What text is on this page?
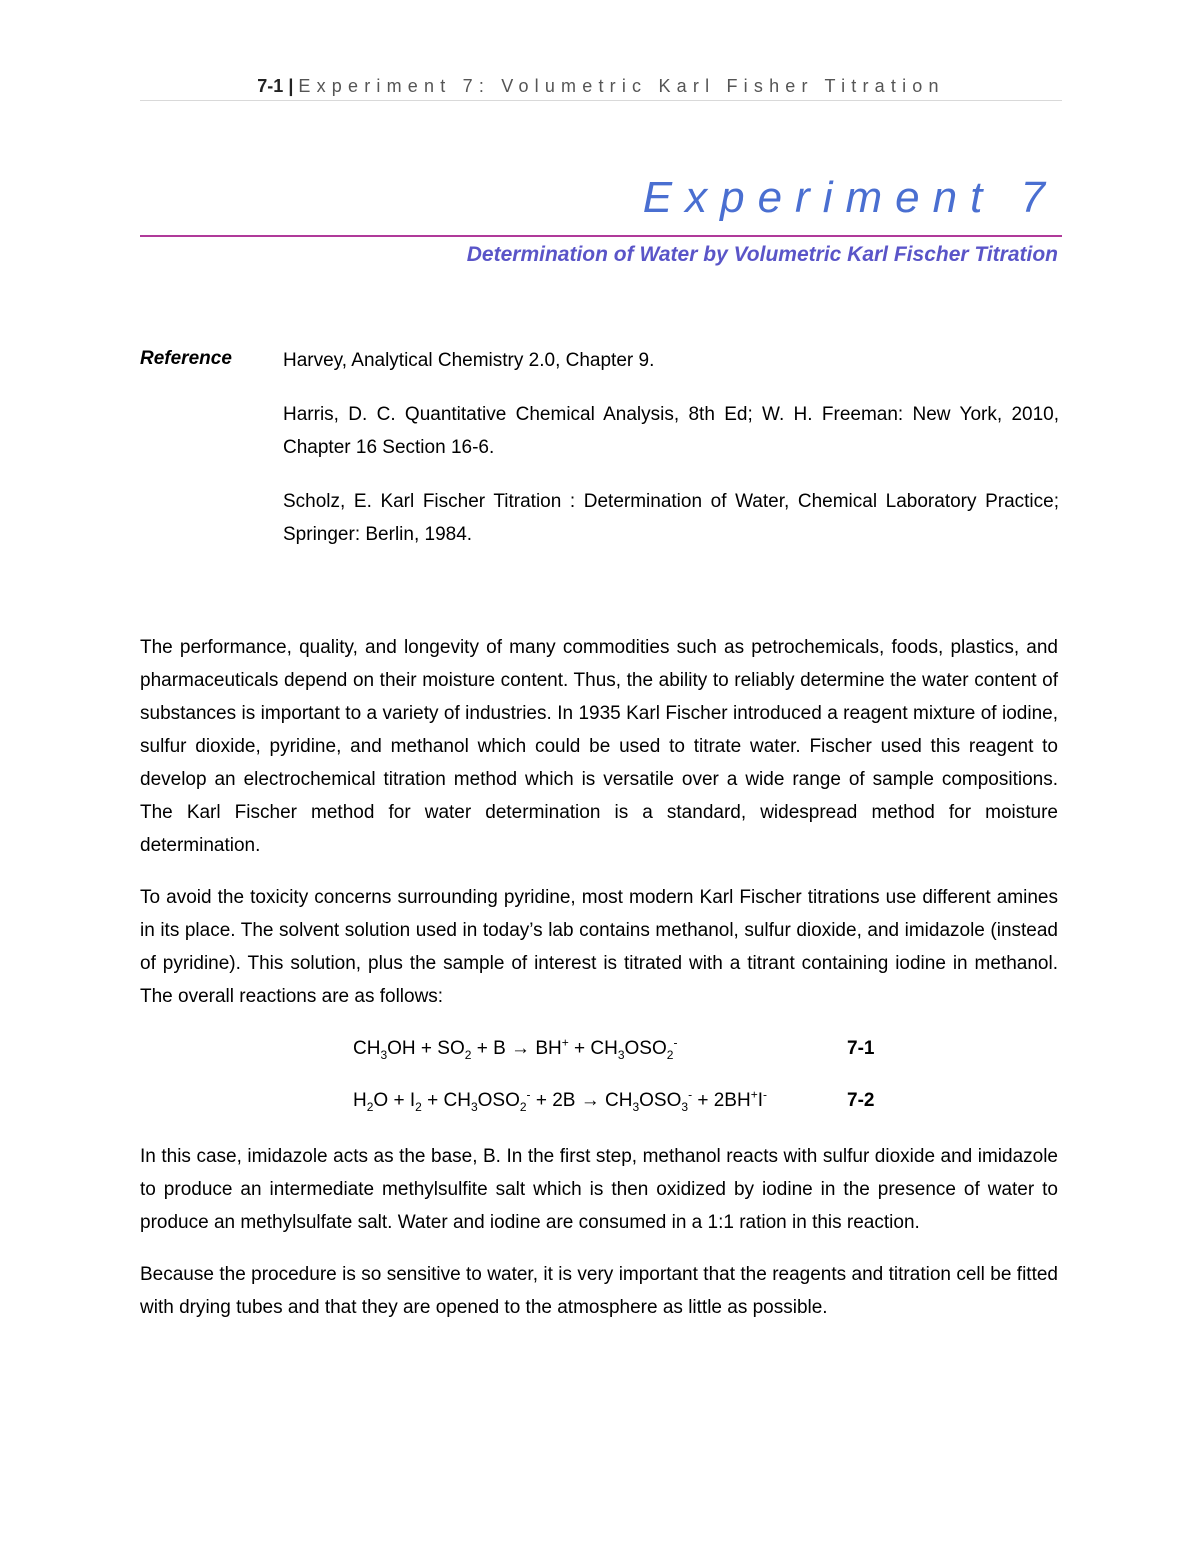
7-1 | Experiment 7: Volumetric Karl Fisher Titration
Experiment 7
Determination of Water by Volumetric Karl Fischer Titration
Reference	Harvey, Analytical Chemistry 2.0, Chapter 9.
Harris, D. C. Quantitative Chemical Analysis, 8th Ed; W. H. Freeman: New York, 2010, Chapter 16 Section 16-6.
Scholz, E. Karl Fischer Titration : Determination of Water, Chemical Laboratory Practice; Springer: Berlin, 1984.

The performance, quality, and longevity of many commodities such as petrochemicals, foods, plastics, and pharmaceuticals depend on their moisture content. Thus, the ability to reliably determine the water content of substances is important to a variety of industries. In 1935 Karl Fischer introduced a reagent mixture of iodine, sulfur dioxide, pyridine, and methanol which could be used to titrate water. Fischer used this reagent to develop an electrochemical titration method which is versatile over a wide range of sample compositions. The Karl Fischer method for water determination is a standard, widespread method for moisture determination.

To avoid the toxicity concerns surrounding pyridine, most modern Karl Fischer titrations use different amines in its place. The solvent solution used in today’s lab contains methanol, sulfur dioxide, and imidazole (instead of pyridine). This solution, plus the sample of interest is titrated with a titrant containing iodine in methanol. The overall reactions are as follows:

$CH_3OH + SO_2 + B \to BH^+ + CH_3OSO_2^-$	7-1
$H_2O + I_2 + CH_3OSO_2^- + 2B \to CH_3OSO_3^- + 2BH^+I^-$	7-2

In this case, imidazole acts as the base, B. In the first step, methanol reacts with sulfur dioxide and imidazole to produce an intermediate methylsulfite salt which is then oxidized by iodine in the presence of water to produce an methylsulfate salt. Water and iodine are consumed in a 1:1 ration in this reaction.

Because the procedure is so sensitive to water, it is very important that the reagents and titration cell be fitted with drying tubes and that they are opened to the atmosphere as little as possible.
